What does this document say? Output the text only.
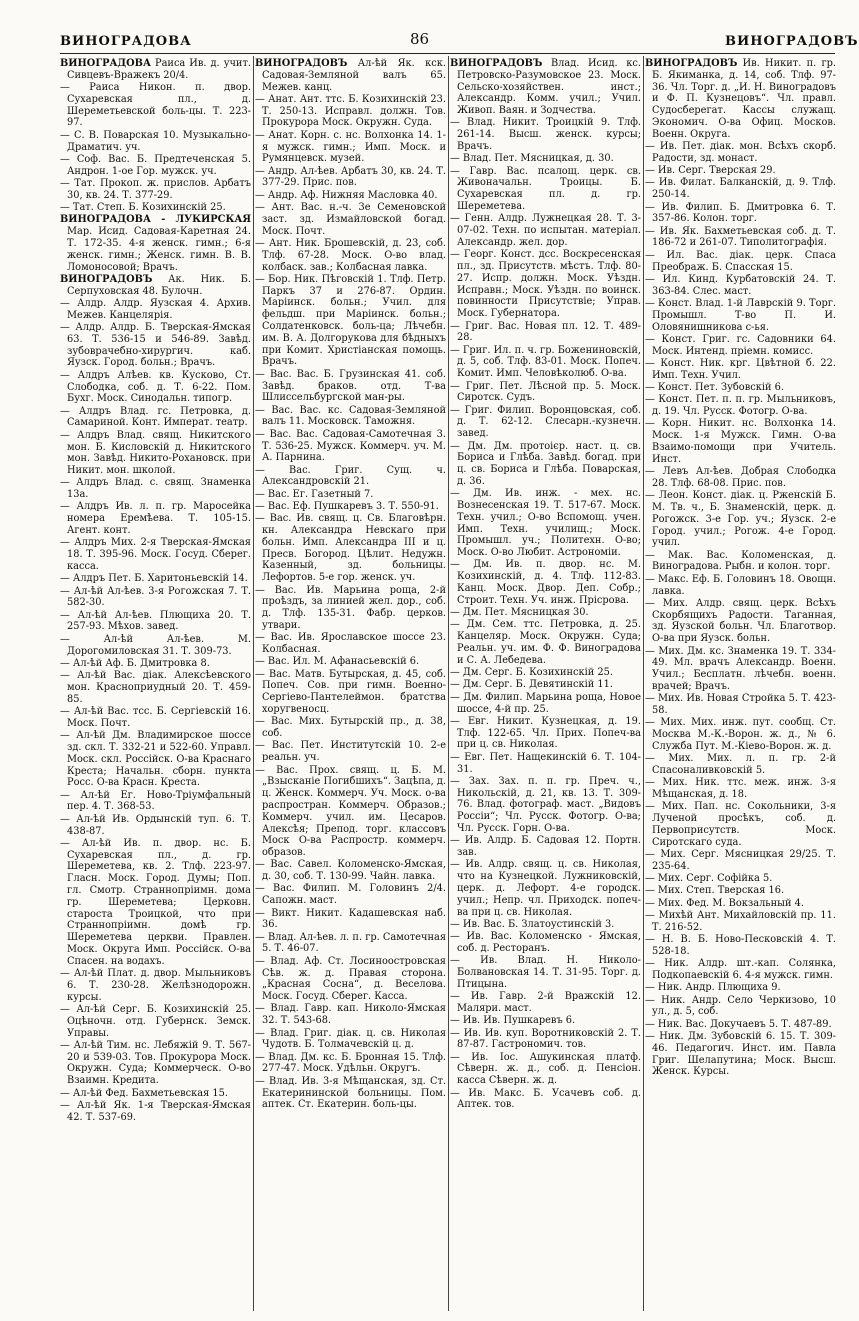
ВИНОГРАДОВА	86	ВИНОГРАДОВЪ

ВИНОГРАДОВА Раиса Ив. д. учит. Сивцевъ-Вражекъ 20/4.

— Раиса Никон. п. двор. Сухаревская пл., д. Шереметьевской боль-цы. Т. 223-97.

— С. В. Поварская 10. Музыкально-Драматич. уч.

— Соф. Вас. Б. Предтеченская 5. Андрон. 1-ое Гор. мужск. уч.

— Тат. Прокоп. ж. прислов. Арбатъ 30, кв. 24. Т. 377-29.

— Тат. Степ. Б. Козихинскій 25.

ВИНОГРАДОВА - ЛУКИРСКАЯ Мар. Исид. Садовая-Каретная 24. Т. 172-35. 4-я женск. гимн.; 6-я женск. гимн.; Женск. гимн. В. В. Ломоносовой; Врачъ.

ВИНОГРАДОВЪ Ак. Ник. Б. Серпуховская 48. Булочн.

— Алдр. Алдр. Яузская 4. Архив. Межев. Канцелярія.

— Алдр. Алдр. Б. Тверская-Ямская 63. Т. 536-15 и 546-89. Завѣд. зубоврачебно-хирургич. каб. Яузск. Город. больн.; Врачъ.

— Алдръ Алѣев. кв. Кусково, Ст. Слободка, соб. д. Т. 6-22. Пом. Бухг. Моск. Синодальн. типогр.

— Алдръ Влад. гс. Петровка, д. Самариной. Конт. Императ. театр.

— Алдръ Влад. свящ. Никитского мон. Б. Кисловскій д. Никитского мон. Завѣд. Никито-Рохановск. при Никит. мон. школой.

— Алдръ Влад. с. свящ. Знаменка 13а.

— Алдръ Ив. л. п. гр. Маросейка номера Еремѣева. Т. 105-15. Агент. конт.

— Алдръ Мих. 2-я Тверская-Ямская 18. Т. 395-96. Моск. Госуд. Сберег. касса.

— Алдръ Пет. Б. Харитоньевскій 14.

— Ал-ѣй Ал-ѣев. 3-я Рогожская 7. Т. 582-30.

— Ал-ѣй Ал-ѣев. Плющиха 20. Т. 257-93. Мѣхов. завед.

— Ал-ѣй Ал-ѣев. М. Дорогомиловская 31. Т. 309-73.

— Ал-ѣй Аф. Б. Дмитровка 8.

— Ал-ѣй Вас. діак. Алексѣевского мон. Красноприудный 20. Т. 459-85.

— Ал-ѣй Вас. тсс. Б. Сергіевскій 16. Моск. Почт.

— Ал-ѣй Дм. Владимирское шоссе зд. скл. Т. 332-21 и 522-60. Управл. Моск. скл. Россійск. О-ва Краснаго Креста; Начальн. сборн. пункта Росс. О-ва Красн. Креста.

— Ал-ѣй Ег. Ново-Тріумфальный пер. 4. Т. 368-53.

— Ал-ѣй Ив. Ордынскій туп. 6. Т. 438-87.

— Ал-ѣй Ив. п. двор. нс. Б. Сухаревская пл., д. гр. Шереметева, кв. 2. Тлф. 223-97. Гласн. Моск. Город. Думы; Поп. гл. Смотр. Страннопріимн. дома гр. Шереметева; Церковн. староста Троицкой, что при Страннопріимн. домѣ гр. Шереметева церкви. Правлен. Моск. Округа Имп. Россійск. О-ва Спасен. на водахъ.

— Ал-ѣй Плат. д. двор. Мыльниковъ 6. Т. 230-28. Желѣзнодорожн. курсы.

— Ал-ѣй Серг. Б. Козихинскій 25. Оцѣночн. отд. Губернск. Земск. Управы.

— Ал-ѣй Тим. нс. Лебяжій 9. Т. 567-20 и 539-03. Тов. Прокурора Моск. Окружн. Суда; Коммерческ. О-во Взаимн. Кредита.

— Ал-ѣй Фед. Бахметьевская 15.

— Ал-ѣй Як. 1-я Тверская-Ямская 42. Т. 537-69.

ВИНОГРАДОВЪ Ал-ѣй Як. кск. Садовая-Земляной валъ 65. Межев. канц.

— Анат. Ант. ттс. Б. Козихинскій 23. Т. 250-13. Исправл. должн. Тов. Прокурора Моск. Окружн. Суда.

— Анат. Корн. с. нс. Волхонка 14. 1-я мужск. гимн.; Имп. Моск. и Румянцевск. музей.

— Андр. Ал-ѣев. Арбатъ 30, кв. 24. Т. 377-29. Прис. пов.

— Андр. Аф. Нижняя Масловка 40.

— Ант. Вас. н.-ч. 3е Семеновской заст. зд. Измайловской богад. Моск. Почт.

— Ант. Ник. Брошевскій, д. 23, соб. Тлф. 67-28. Моск. О-во влад. колбаск. зав.; Колбасная лавка.

— Бор. Ник. Пѣговскій 1. Тлф. Петр. Паркъ 37 и 276-87. Ордин. Маріинск. больн.; Учил. для фельдш. при Маріинск. больн.; Солдатенковск. боль-ца; Лѣчебн. им. В. А. Долгорукова для бѣдныхъ при Комит. Христіанская помощь. Врачъ.

— Вас. Вас. Б. Грузинская 41. соб. Завѣд. браков. отд. Т-ва Шлиссельбургской ман-ры.

— Вас. Вас. кс. Садовая-Земляной валъ 11. Московск. Таможня.

— Вас. Вас. Садовая-Самотечная 3. Т. 536-25. Мужск. Коммерч. уч. М. А. Парнина.

— Вас. Григ. Сущ. ч. Александровскій 21.

— Вас. Ег. Газетный 7.

— Вас. Еф. Пушкаревъ 3. Т. 550-91.

— Вас. Ив. свящ. ц. Св. Благовѣрн. кн. Александра Невскаго при больн. Имп. Александра III и ц. Пресв. Богород. Цѣлит. Недужн. Казенный, зд. больницы. Лефортов. 5-е гор. женск. уч.

— Вас. Ив. Марьина роща, 2-й проѣздъ, за линией жел. дор., соб. д. Тлф. 135-31. Фабр. церков. утвари.

— Вас. Ив. Ярославское шоссе 23. Колбасная.

— Вас. Ил. М. Афанасьевскій 6.

— Вас. Матв. Бутырская, д. 45, соб. Попеч. Сов. при гимн. Военно-Сергіево-Пантелеймон. братства хоругвеносц.

— Вас. Мих. Бутырскій пр., д. 38, соб.

— Вас. Пет. Институтскій 10. 2-е реальн. уч.

— Вас. Прох. свящ. ц. Б. М. „Взысканіе Погибшихъ“. Зацѣпа, д. ц. Женск. Коммерч. Уч. Моск. о-ва распростран. Коммерч. Образов.; Коммерч. учил. им. Цесаров. Алексѣя; Препод. торг. классовъ Моск О-ва Распростр. коммерч. образов.

— Вас. Савел. Коломенско-Ямская, д. 30, соб. Т. 130-99. Чайн. лавка.

— Вас. Филип. М. Головинъ 2/4. Сапожн. маст.

— Викт. Никит. Кадашевская наб. 36.

— Влад. Ал-ѣев. л. п. гр. Самотечная 5. Т. 46-07.

— Влад. Аф. Ст. Лосиноостровская Сѣв. ж. д. Правая сторона. „Красная Сосна“, д. Веселова. Моск. Госуд. Сберег. Касса.

— Влад. Гавр. кап. Николо-Ямская 32. Т. 543-68.

— Влад. Григ. діак. ц. св. Николая Чудотв. Б. Толмачевскій ц. д.

— Влад. Дм. кс. Б. Бронная 15. Тлф. 277-47. Моск. Удѣльн. Округъ.

— Влад. Ив. 3-я Мѣщанская, зд. Ст. Екатерининской больницы. Пом. аптек. Ст. Екатерин. боль-цы.

ВИНОГРАДОВЪ Влад. Исид. кс. Петровско-Разумовское 23. Моск. Сельско-хозяйствен. инст.; Александр. Комм. учил.; Учил. Живоп. Ваян. и Зодчества.

— Влад. Никит. Троицкій 9. Тлф. 261-14. Высш. женск. курсы; Врачъ.

— Влад. Пет. Мясницкая, д. 30.

— Гавр. Вас. псалощ. церк. св. Живоначальн. Троицы. Б. Сухаревская пл. д. гр. Шереметева.

— Генн. Алдр. Лужнецкая 28. Т. 3-07-02. Техн. по испытан. матеріал. Александр. жел. дор.

— Георг. Конст. дсс. Воскресенская пл., зд. Присутств. мѣстъ. Тлф. 80-27. Испр. должн. Моск. Уѣздн. Исправн.; Моск. Уѣздн. по воинск. повинности Присутствіе; Управ. Моск. Губернатора.

— Григ. Вас. Новая пл. 12. Т. 489-28.

— Григ. Ил. п. ч. гр. Божениновскій, д. 5, соб. Тлф. 83-01. Моск. Попеч. Комит. Имп. Человѣколюб. О-ва.

— Григ. Пет. Лѣсной пр. 5. Моск. Сиротск. Судъ.

— Григ. Филип. Воронцовская, соб. д. Т. 62-12. Слесарн.-кузнечн. завед.

— Дм. Дм. протоієр. наст. ц. св. Бориса и Глѣба. Завѣд. богад. при ц. св. Бориса и Глѣба. Поварская, д. 36.

— Дм. Ив. инж. - мех. нс. Вознесенская 19. Т. 517-67. Моск. Техн. учил.; О-во Вспомощ. учен. Имп. Техн. училищ.; Моск. Промышл. уч.; Политехн. О-во; Моск. О-во Любит. Астрономіи.

— Дм. Ив. п. двор. нс. М. Козихинскій, д. 4. Тлф. 112-83. Канц. Моск. Двор. Деп. Собр.; Строит. Техн. Уч. инж. Прісрова.

— Дм. Пет. Мясницкая 30.

— Дм. Сем. ттс. Петровка, д. 25. Канцеляр. Моск. Окружн. Суда; Реальн. уч. им. Ф. Ф. Виноградова и С. А. Лебедева.

— Дм. Серг. Б. Козихинскій 25.

— Дм. Серг. Б. Девятинскій 11.

— Дм. Филип. Марьина роща, Новое шоссе, 4-й пр. 25.

— Евг. Никит. Кузнецкая, д. 19. Тлф. 122-65. Чл. Прих. Попеч-ва при ц. св. Николая.

— Евг. Пет. Нащекинскій 6. Т. 104-31.

— Зах. Зах. п. п. гр. Преч. ч., Никольскій, д. 21, кв. 13. Т. 309-76. Влад. фотограф. маст. „Видовъ Россіи“; Чл. Русск. Фотогр. О-ва; Чл. Русск. Горн. О-ва.

— Ив. Алдр. Б. Садовая 12. Портн. зав.

— Ив. Алдр. свящ. ц. св. Николая, что на Кузнецкой. Лужниковскій, церк. д. Лефорт. 4-е городск. учил.; Непр. чл. Приходск. попеч-ва при ц. св. Николая.

— Ив. Вас. Б. Златоустинскій 3.

— Ив. Вас. Коломенско - Ямская, соб. д. Ресторанъ.

— Ив. Влад. Н. Николо-Болвановская 14. Т. 31-95. Торг. д. Птицына.

— Ив. Гавр. 2-й Вражскій 12. Маляри. маст.

— Ив. Ив. Пушкаревъ 6.

— Ив. Ив. куп. Воротниковскій 2. Т. 87-87. Гастрономич. тов.

— Ив. Іос. Ашукинская платф. Сѣверн. ж. д., соб. д. Пенсіон. касса Сѣверн. ж. д.

— Ив. Макс. Б. Усачевъ соб. д. Аптек. тов.

ВИНОГРАДОВЪ Ив. Никит. п. гр. Б. Якиманка, д. 14, соб. Тлф. 97-36. Чл. Торг. д. „И. Н. Виноградовъ и Ф. П. Кузнецовъ“. Чл. правл. Судосберегат. Кассы служащ. Экономич. О-ва Офиц. Москов. Военн. Округа.

— Ив. Пет. діак. мон. Всѣхъ скорб. Радости, зд. монаст.

— Ив. Серг. Тверская 29.

— Ив. Филат. Балканскій, д. 9. Тлф. 250-14.

— Ив. Филип. Б. Дмитровка 6. Т. 357-86. Колон. торг.

— Ив. Як. Бахметьевская соб. д. Т. 186-72 и 261-07. Типолитографія.

— Ил. Вас. діак. церк. Спаса Преображ. Б. Спасская 15.

— Ил. Кинд. Курбатовскій 24. Т. 363-84. Слес. маст.

— Конст. Влад. 1-й Лаврскій 9. Торг. Промышл. Т-во П. И. Оловянишникова с-ья.

— Конст. Григ. гс. Садовники 64. Моск. Интенд. пріемн. комисс.

— Конст. Ник. крг. Цвѣтной б. 22. Имп. Техн. Учил.

— Конст. Пет. Зубовскій 6.

— Конст. Пет. п. п. гр. Мыльниковъ, д. 19. Чл. Русск. Фотогр. О-ва.

— Корн. Никит. нс. Волхонка 14. Моск. 1-я Мужск. Гимн. О-ва Взаимо-помощи при Учитель. Инст.

— Левъ Ал-ѣев. Добрая Слободка 28. Тлф. 68-08. Прис. пов.

— Леон. Конст. діак. ц. Рженскій Б. М. Тв. ч., Б. Знаменскій, церк. д. Рогожск. 3-е Гор. уч.; Яузск. 2-е Город. учил.; Рогож. 4-е Город. учил.

— Мак. Вас. Коломенская, д. Виноградова. Рыбн. и колон. торг.

— Макс. Еф. Б. Головинъ 18. Овощн. лавка.

— Мих. Алдр. свящ. церк. Всѣхъ Скорбящихъ Радости. Таганная, зд. Яузской больн. Чл. Благотвор. О-ва при Яузск. больн.

— Мих. Дм. кс. Знаменка 19. Т. 334-49. Мл. врачъ Александр. Военн. Учил.; Бесплатн. лѣчебн. военн. врачей; Врачъ.

— Мих. Ив. Новая Стройка 5. Т. 423-58.

— Мих. Мих. инж. пут. сообщ. Ст. Москва М.-К.-Ворон. ж. д., № 6. Служба Пут. М.-Кіево-Ворон. ж. д.

— Мих. Мих. л. п. гр. 2-й Спасоналивковскій 5.

— Мих. Ник. ттс. меж. инж. 3-я Мѣщанская, д. 18.

— Мих. Пап. нс. Сокольники, 3-я Лученой просѣкъ, соб. д. Первоприсутств. Моск. Сиротскаго суда.

— Мих. Серг. Мясницкая 29/25. Т. 235-64.

— Мих. Серг. Софійка 5.

— Мих. Степ. Тверская 16.

— Мих. Фед. М. Вокзальный 4.

— Михѣй Ант. Михайловскій пр. 11. Т. 216-52.

— Н. В. Б. Ново-Песковскій 4. Т. 528-18.

— Ник. Алдр. шт.-кап. Солянка, Подкопаевскій 6. 4-я мужск. гимн.

— Ник. Андр. Плющиха 9.

— Ник. Андр. Село Черкизово, 10 ул., д. 5, соб.

— Ник. Вас. Докучаевъ 5. Т. 487-89.

— Ник. Дм. Зубовскій 6. 15. Т. 309-46. Педагогич. Инст. им. Павла Григ. Шелапутина; Моск. Высш. Женск. Курсы.
